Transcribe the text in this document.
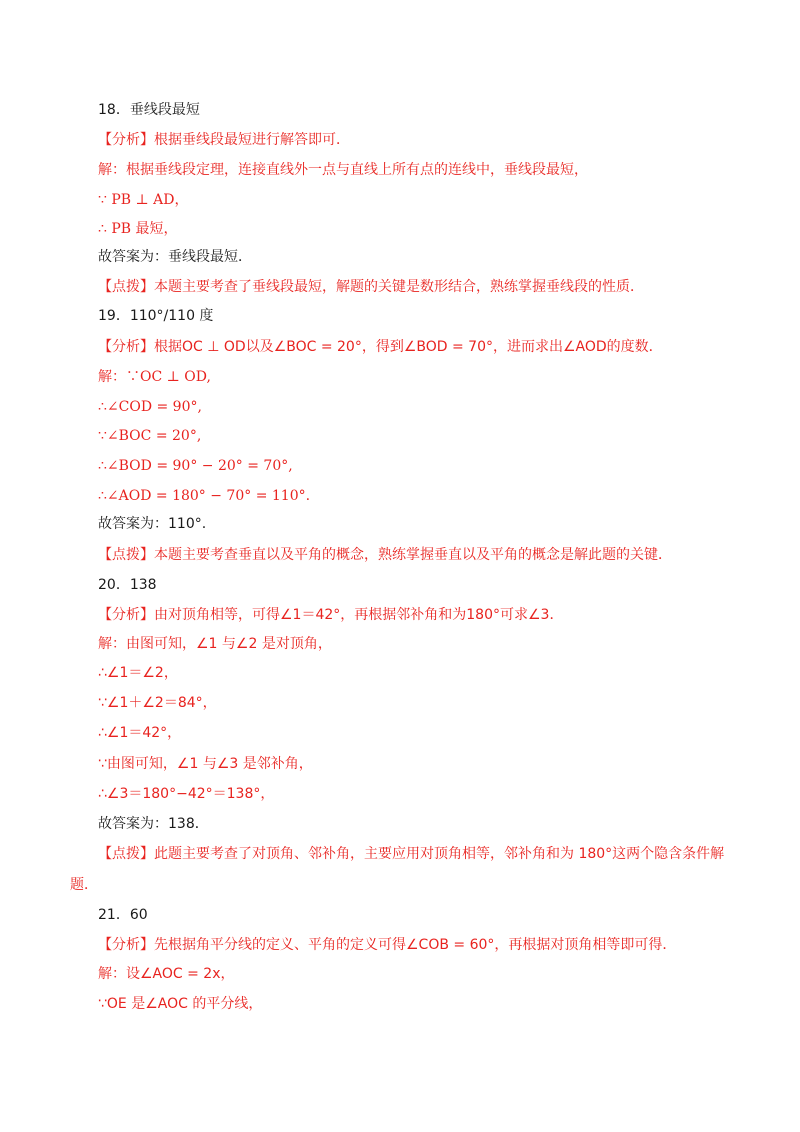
18．垂线段最短
【分析】根据垂线段最短进行解答即可．
解：根据垂线段定理，连接直线外一点与直线上所有点的连线中，垂线段最短，
∵ PB ⊥ AD，
∴ PB 最短，
故答案为：垂线段最短．
【点拨】本题主要考查了垂线段最短，解题的关键是数形结合，熟练掌握垂线段的性质．
19．110°/110 度
【分析】根据OC ⊥ OD以及∠BOC = 20°，得到∠BOD = 70°，进而求出∠AOD的度数．
解：∵OC ⊥ OD,
∴∠COD = 90°,
∵∠BOC = 20°,
∴∠BOD = 90° − 20° = 70°,
∴∠AOD = 180° − 70° = 110°.
故答案为：110°.
【点拨】本题主要考查垂直以及平角的概念，熟练掌握垂直以及平角的概念是解此题的关键．
20．138
【分析】由对顶角相等，可得∠1＝42°，再根据邻补角和为180°可求∠3．
解：由图可知，∠1 与∠2 是对顶角，
∴∠1＝∠2，
∵∠1＋∠2＝84°，
∴∠1＝42°，
∵由图可知，∠1 与∠3 是邻补角，
∴∠3＝180°−42°＝138°，
故答案为：138．
【点拨】此题主要考查了对顶角、邻补角，主要应用对顶角相等，邻补角和为 180°这两个隐含条件解
题．
21．60
【分析】先根据角平分线的定义、平角的定义可得∠COB = 60°，再根据对顶角相等即可得．
解：设∠AOC = 2x，
∵OE 是∠AOC 的平分线，
